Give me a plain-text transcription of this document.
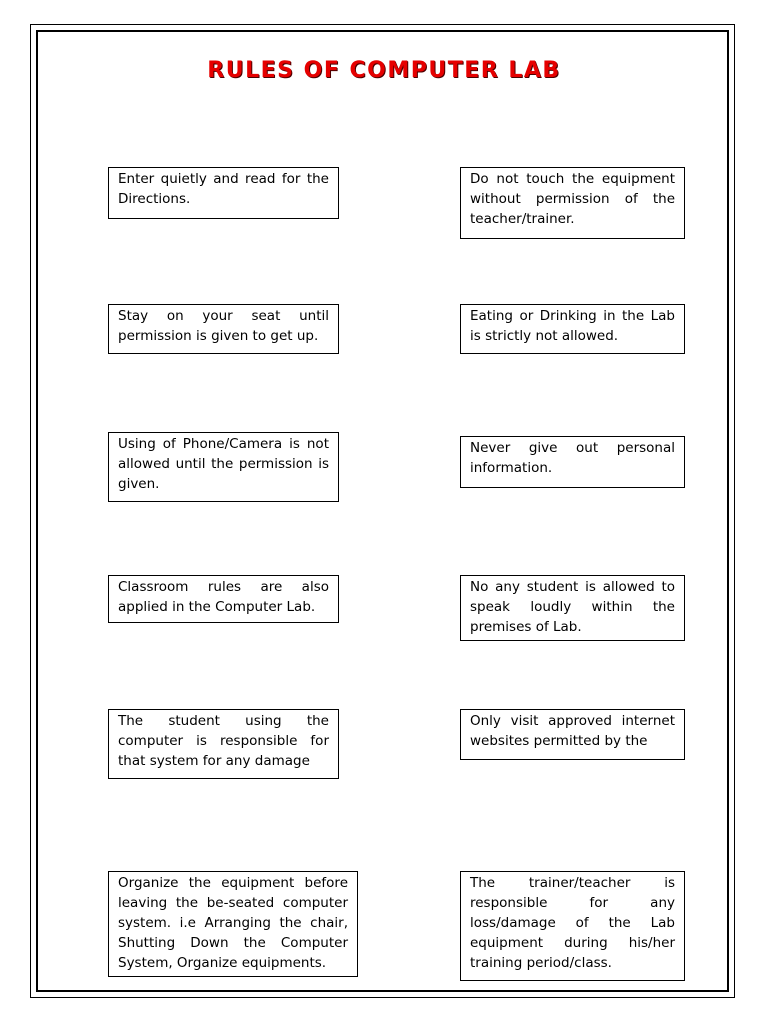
RULES OF COMPUTER LAB
Enter quietly and read for the Directions.
Do not touch the equipment without permission of the teacher/trainer.
Stay on your seat until permission is given to get up.
Eating or Drinking in the Lab is strictly not allowed.
Using of Phone/Camera is not allowed until the permission is given.
Never give out personal information.
Classroom rules are also applied in the Computer Lab.
No any student is allowed to speak loudly within the premises of Lab.
The student using the computer is responsible for that system for any damage
Only visit approved internet websites permitted by the
Organize the equipment before leaving the be-seated computer system. i.e Arranging the chair, Shutting Down the Computer System, Organize equipments.
The trainer/teacher is responsible for any loss/damage of the Lab equipment during his/her training period/class.
